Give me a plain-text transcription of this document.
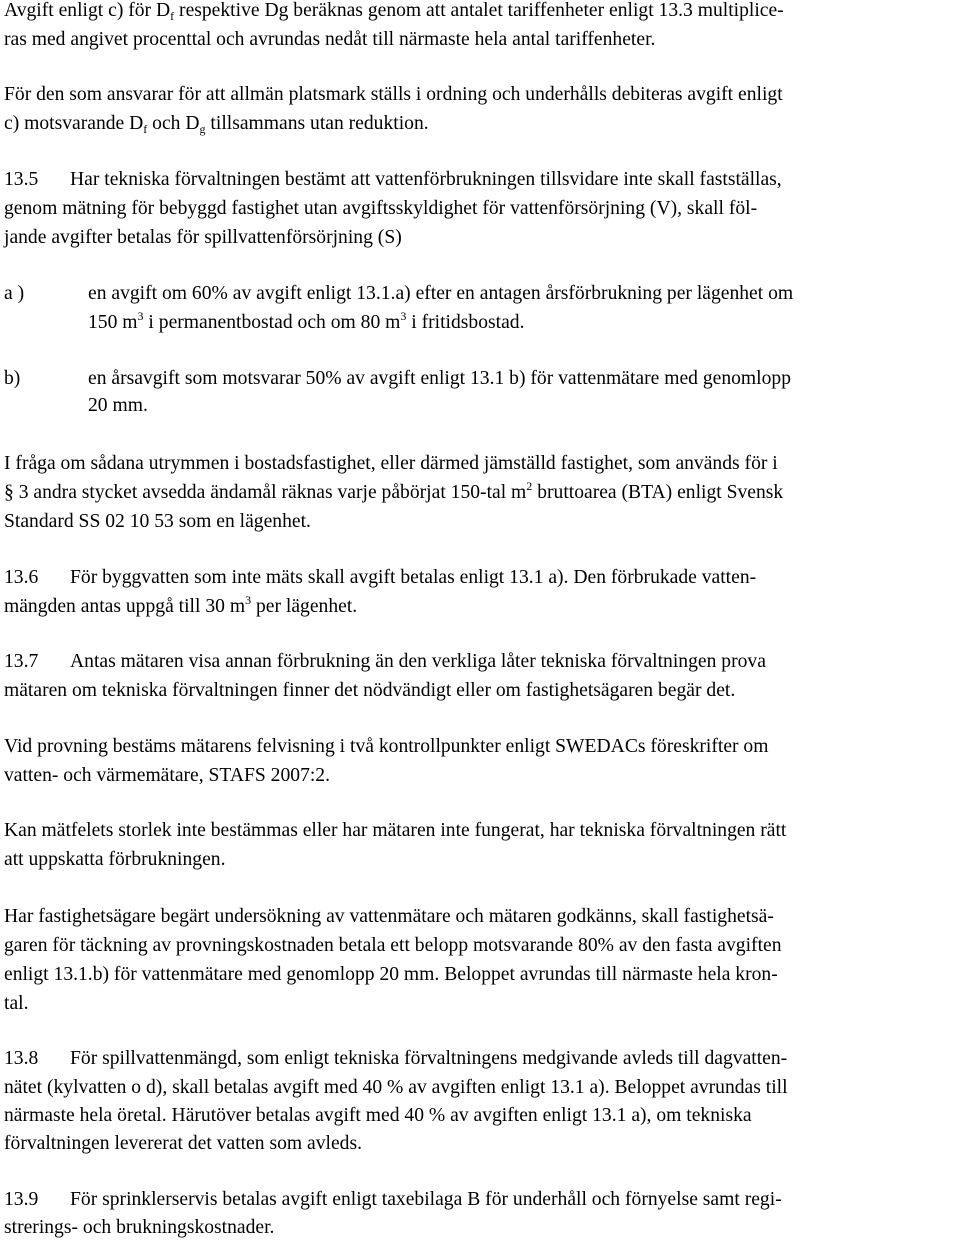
Avgift enligt c) för $D_f$ respektive Dg beräknas genom att antalet tariffenheter enligt 13.3 multiplice-
ras med angivet procenttal och avrundas nedåt till närmaste hela antal tariffenheter.
För den som ansvarar för att allmän platsmark ställs i ordning och underhålls debiteras avgift enligt
c) motsvarande $D_f$ och $D_g$ tillsammans utan reduktion.
13.5 Har tekniska förvaltningen bestämt att vattenförbrukningen tillsvidare inte skall fastställas,
genom mätning för bebyggd fastighet utan avgiftsskyldighet för vattenförsörjning (V), skall föl-
jande avgifter betalas för spillvattenförsörjning (S)
a )	en avgift om 60% av avgift enligt 13.1.a) efter en antagen årsförbrukning per lägenhet om
150 $m^3$ i permanentbostad och om 80 $m^3$ i fritidsbostad.
b)	en årsavgift som motsvarar 50% av avgift enligt 13.1 b) för vattenmätare med genomlopp
20 mm.
I fråga om sådana utrymmen i bostadsfastighet, eller därmed jämställd fastighet, som används för i
§ 3 andra stycket avsedda ändamål räknas varje påbörjat 150-tal $m^2$ bruttoarea (BTA) enligt Svensk
Standard SS 02 10 53 som en lägenhet.
13.6 För byggvatten som inte mäts skall avgift betalas enligt 13.1 a). Den förbrukade vatten-
mängden antas uppgå till 30 $m^3$ per lägenhet.
13.7 Antas mätaren visa annan förbrukning än den verkliga låter tekniska förvaltningen prova
mätaren om tekniska förvaltningen finner det nödvändigt eller om fastighetsägaren begär det.
Vid provning bestäms mätarens felvisning i två kontrollpunkter enligt SWEDACs föreskrifter om
vatten- och värmemätare, STAFS 2007:2.
Kan mätfelets storlek inte bestämmas eller har mätaren inte fungerat, har tekniska förvaltningen rätt
att uppskatta förbrukningen.
Har fastighetsägare begärt undersökning av vattenmätare och mätaren godkänns, skall fastighetsä-
garen för täckning av provningskostnaden betala ett belopp motsvarande 80% av den fasta avgiften
enligt 13.1.b) för vattenmätare med genomlopp 20 mm. Beloppet avrundas till närmaste hela kron-
tal.
13.8 För spillvattenmängd, som enligt tekniska förvaltningens medgivande avleds till dagvatten-
nätet (kylvatten o d), skall betalas avgift med 40 % av avgiften enligt 13.1 a). Beloppet avrundas till
närmaste hela öretal. Härutöver betalas avgift med 40 % av avgiften enligt 13.1 a), om tekniska
förvaltningen levererat det vatten som avleds.
13.9 För sprinklerservis betalas avgift enligt taxebilaga B för underhåll och förnyelse samt regi-
strerings- och brukningskostnader.
